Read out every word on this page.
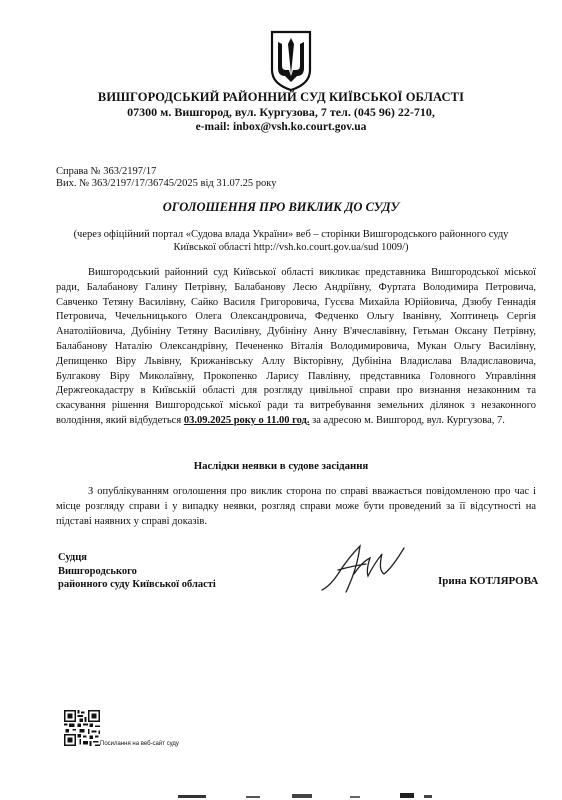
ВИШГОРОДСЬКИЙ РАЙОННИЙ СУД КИЇВСЬКОЇ ОБЛАСТІ
07300 м. Вишгород, вул. Кургузова, 7 тел. (045 96) 22-710,
e-mail: inbox@vsh.ko.court.gov.ua
Справа № 363/2197/17
Вих. № 363/2197/17/36745/2025 від 31.07.25 року
ОГОЛОШЕННЯ ПРО ВИКЛИК ДО СУДУ
(через офіційний портал «Судова влада України» веб – сторінки Вишгородського районного суду Київської області http://vsh.ko.court.gov.ua/sud 1009/)
Вишгородський районний суд Київської області викликає представника Вишгородської міської ради, Балабанову Галину Петрівну, Балабанову Лесю Андріївну, Фуртата Володимира Петровича, Савченко Тетяну Василівну, Сайко Василя Григоровича, Гусєва Михайла Юрійовича, Дзюбу Геннадія Петровича, Чечельницького Олега Олександровича, Федченко Ольгу Іванівну, Хоптинець Сергія Анатолійовича, Дубініну Тетяну Василівну, Дубініну Анну В'ячеславівну, Гетьман Оксану Петрівну, Балабанову Наталію Олександрівну, Печененко Віталія Володимировича, Мукан Ольгу Василівну, Депищенко Віру Львівну, Крижанівську Аллу Вікторівну, Дубініна Владислава Владиславовича, Булгакову Віру Миколаївну, Прокопенко Ларису Павлівну, представника Головного Управління Держгеокадастру в Київській області для розгляду цивільної справи про визнання незаконним та скасування рішення Вишгородської міської ради та витребування земельних ділянок з незаконного володіння, який відбудеться 03.09.2025 року о 11.00 год. за адресою м. Вишгород, вул. Кургузова, 7.
Наслідки неявки в судове засідання
З опублікуванням оголошення про виклик сторона по справі вважається повідомленою про час і місце розгляду справи і у випадку неявки, розгляд справи може бути проведений за її відсутності на підставі наявних у справі доказів.
Судця
Вишгородського
районного суду Київської області	Ірина КОТЛЯРОВА
Посилання на веб-сайт суду
